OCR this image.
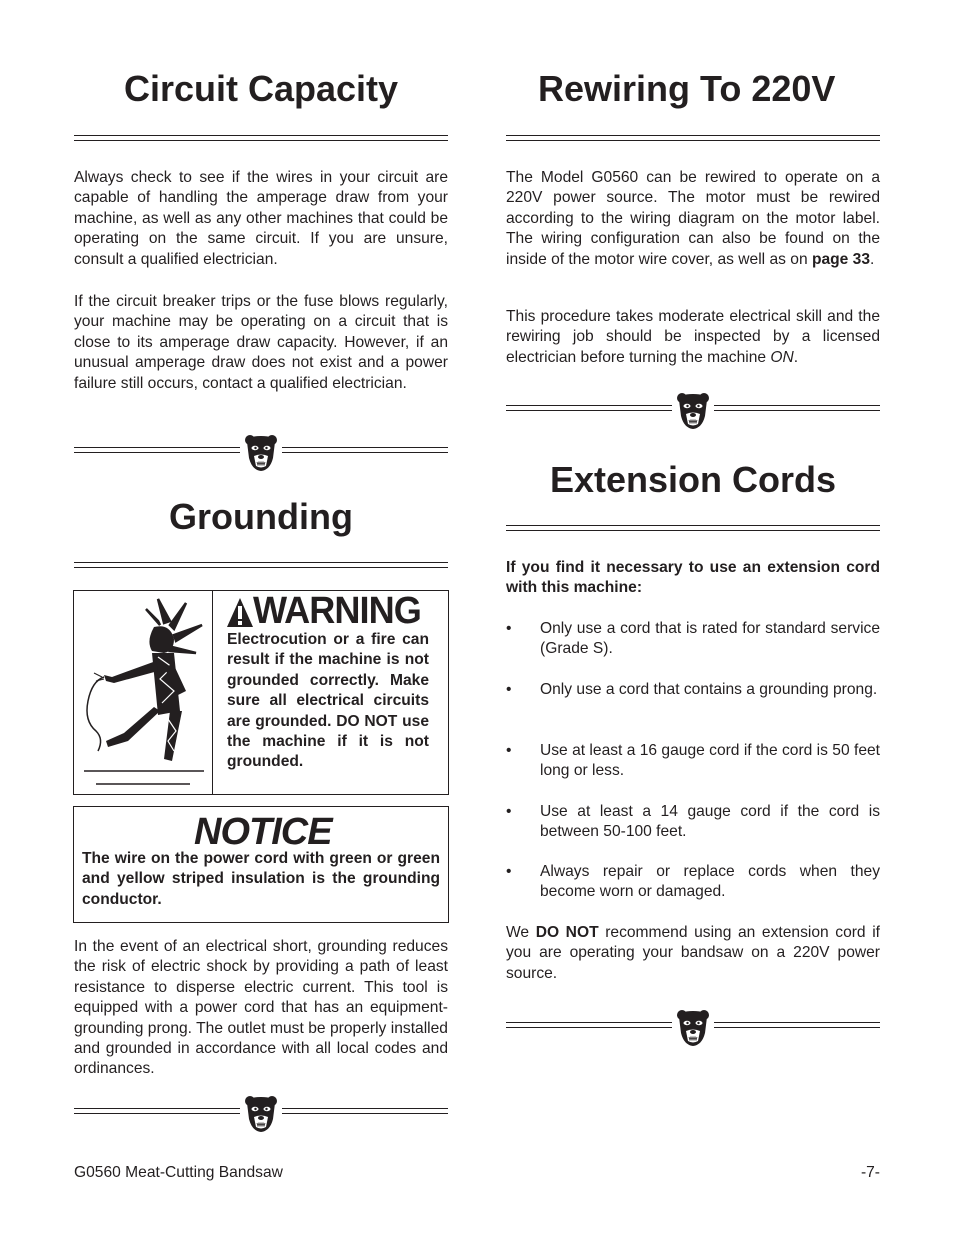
Circuit Capacity
Always check to see if the wires in your circuit are capable of handling the amperage draw from your machine, as well as any other machines that could be operating on the same circuit. If you are unsure, consult a qualified electrician.
If the circuit breaker trips or the fuse blows regularly, your machine may be operating on a circuit that is close to its amperage draw capacity. However, if an unusual amperage draw does not exist and a power failure still occurs, contact a qualified electrician.
Grounding
WARNING
Electrocution or a fire can result if the machine is not grounded correctly. Make sure all electrical circuits are grounded. DO NOT use the machine if it is not grounded.
NOTICE
The wire on the power cord with green or green and yellow striped insulation is the grounding conductor.
In the event of an electrical short, grounding reduces the risk of electric shock by providing a path of least resistance to disperse electric current. This tool is equipped with a power cord that has an equipment-grounding prong. The outlet must be properly installed and grounded in accordance with all local codes and ordinances.
Rewiring To 220V
The Model G0560 can be rewired to operate on a 220V power source. The motor must be rewired according to the wiring diagram on the motor label. The wiring configuration can also be found on the inside of the motor wire cover, as well as on page 33.
This procedure takes moderate electrical skill and the rewiring job should be inspected by a licensed electrician before turning the machine ON.
Extension Cords
If you find it necessary to use an extension cord with this machine:
• Only use a cord that is rated for standard service (Grade S).
• Only use a cord that contains a grounding prong.
• Use at least a 16 gauge cord if the cord is 50 feet long or less.
• Use at least a 14 gauge cord if the cord is between 50-100 feet.
• Always repair or replace cords when they become worn or damaged.
We DO NOT recommend using an extension cord if you are operating your bandsaw on a 220V power source.
G0560 Meat-Cutting Bandsaw	-7-
